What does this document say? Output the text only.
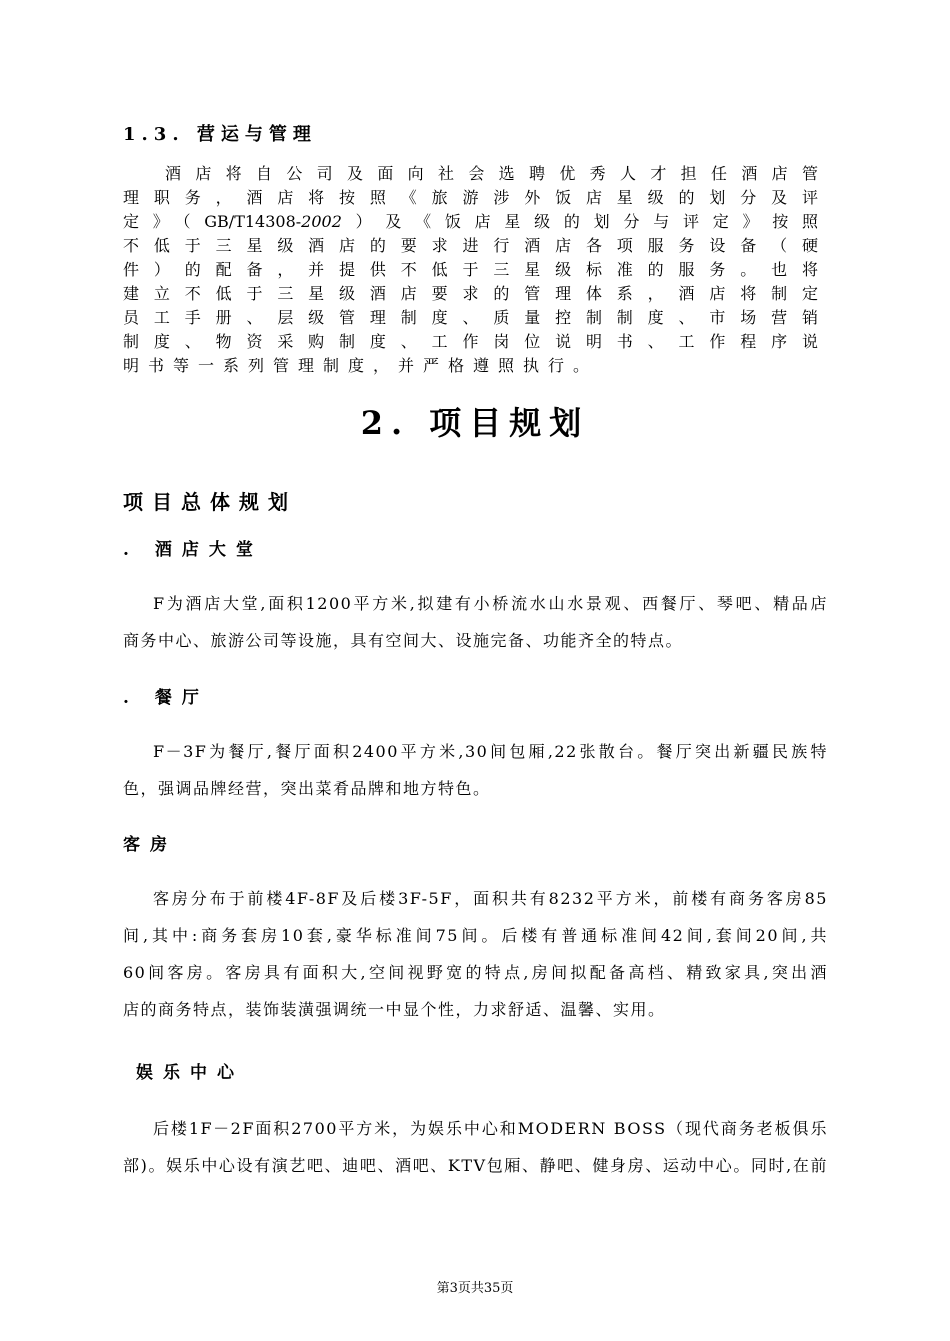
1.3. 营运与管理
酒店将自公司及面向社会选聘优秀人才担任酒店管
理职务，酒店将按照《旅游涉外饭店星级的划分及评
定》（GB/T14308-2002）及《饭店星级的划分与评定》按照
不低于三星级酒店的要求进行酒店各项服务设备（硬
件）的配备，并提供不低于三星级标准的服务。也将
建立不低于三星级酒店要求的管理体系，酒店将制定
员工手册、层级管理制度、质量控制制度、市场营销
制度、物资采购制度、工作岗位说明书、工作程序说
明书等一系列管理制度，并严格遵照执行。
2. 项目规划
项目总体规划
. 酒店大堂
F为酒店大堂,面积1200平方米,拟建有小桥流水山水景观、西餐厅、琴吧、精品店
商务中心、旅游公司等设施，具有空间大、设施完备、功能齐全的特点。
. 餐厅
F－3F为餐厅,餐厅面积2400平方米,30间包厢,22张散台。餐厅突出新疆民族特
色，强调品牌经营，突出菜肴品牌和地方特色。
客房
客房分布于前楼4F-8F及后楼3F-5F，面积共有8232平方米，前楼有商务客房85
间,其中:商务套房10套,豪华标准间75间。后楼有普通标准间42间,套间20间,共
60间客房。客房具有面积大,空间视野宽的特点,房间拟配备高档、精致家具,突出酒
店的商务特点，装饰装潢强调统一中显个性，力求舒适、温馨、实用。
娱乐中心
后楼1F－2F面积2700平方米，为娱乐中心和MODERN BOSS（现代商务老板俱乐
部)。娱乐中心设有演艺吧、迪吧、酒吧、KTV包厢、静吧、健身房、运动中心。同时,在前
第3页共35页
